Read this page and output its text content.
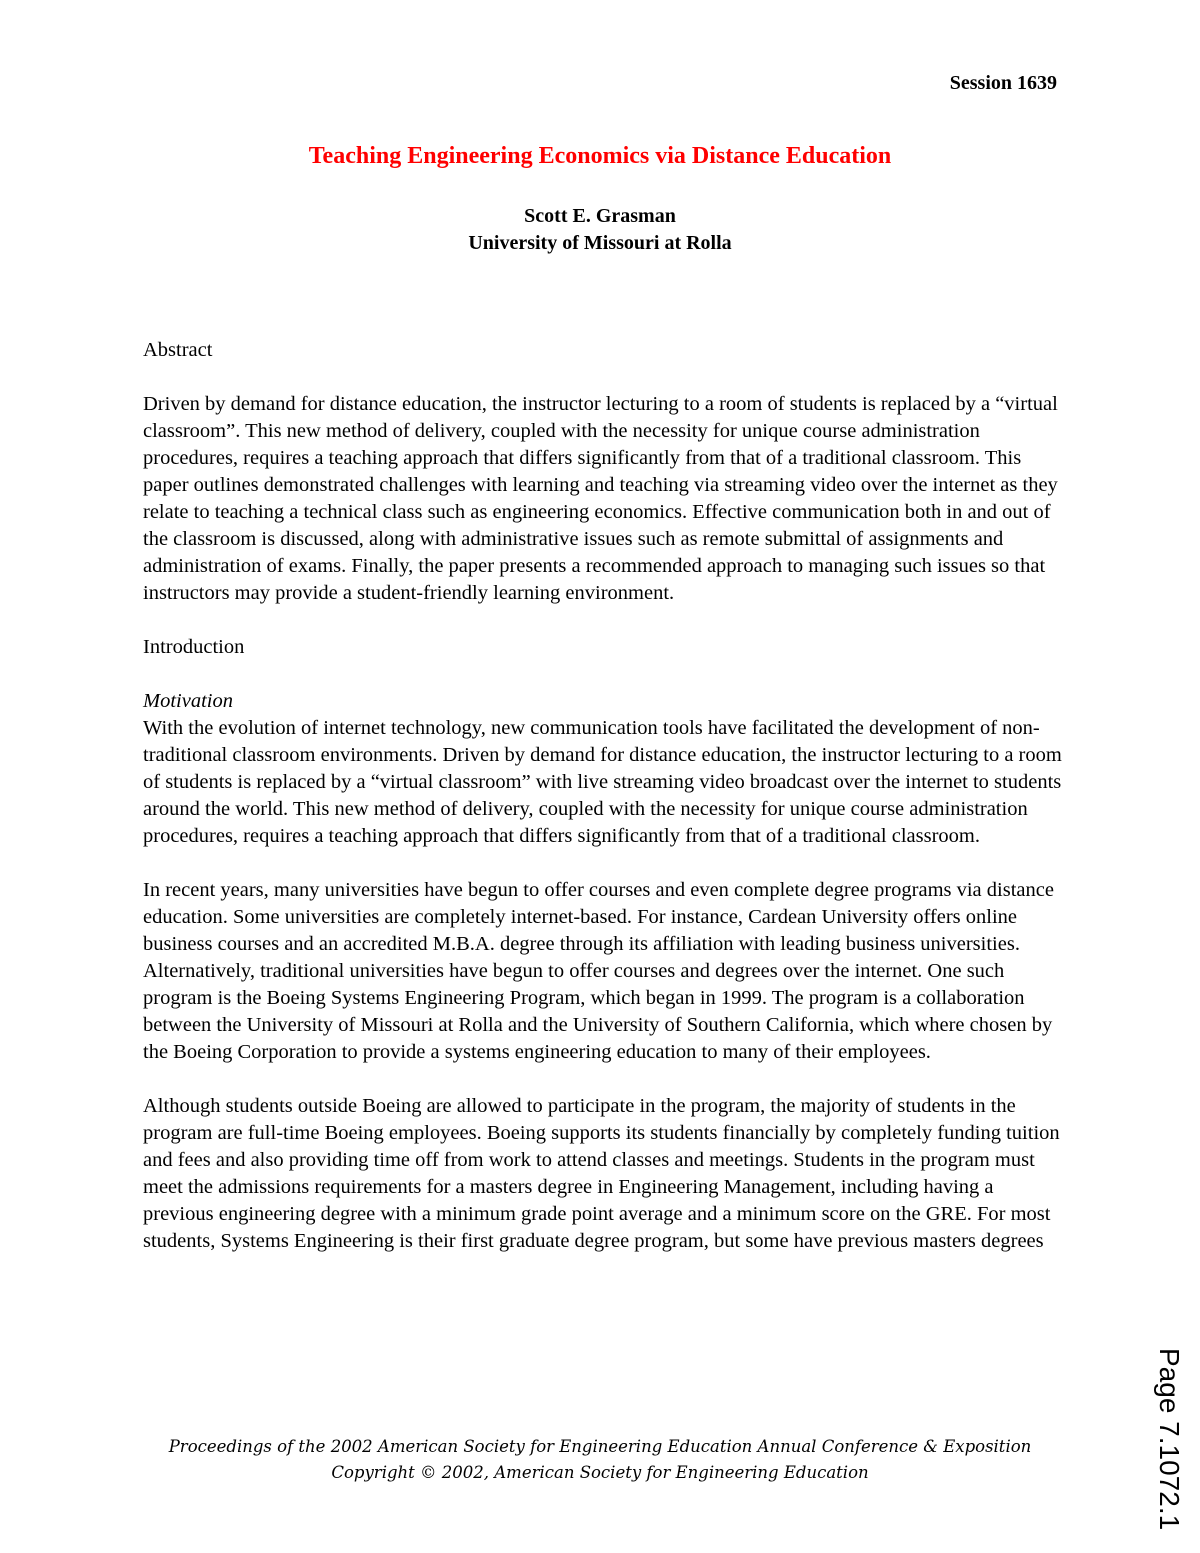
Session 1639
Teaching Engineering Economics via Distance Education
Scott E. Grasman
University of Missouri at Rolla
Abstract

Driven by demand for distance education, the instructor lecturing to a room of students is replaced by a “virtual classroom”. This new method of delivery, coupled with the necessity for unique course administration procedures, requires a teaching approach that differs significantly from that of a traditional classroom. This paper outlines demonstrated challenges with learning and teaching via streaming video over the internet as they relate to teaching a technical class such as engineering economics. Effective communication both in and out of the classroom is discussed, along with administrative issues such as remote submittal of assignments and administration of exams. Finally, the paper presents a recommended approach to managing such issues so that instructors may provide a student-friendly learning environment.

Introduction
Motivation

With the evolution of internet technology, new communication tools have facilitated the development of non-traditional classroom environments. Driven by demand for distance education, the instructor lecturing to a room of students is replaced by a “virtual classroom” with live streaming video broadcast over the internet to students around the world. This new method of delivery, coupled with the necessity for unique course administration procedures, requires a teaching approach that differs significantly from that of a traditional classroom.

In recent years, many universities have begun to offer courses and even complete degree programs via distance education. Some universities are completely internet-based. For instance, Cardean University offers online business courses and an accredited M.B.A. degree through its affiliation with leading business universities. Alternatively, traditional universities have begun to offer courses and degrees over the internet. One such program is the Boeing Systems Engineering Program, which began in 1999. The program is a collaboration between the University of Missouri at Rolla and the University of Southern California, which where chosen by the Boeing Corporation to provide a systems engineering education to many of their employees.

Although students outside Boeing are allowed to participate in the program, the majority of students in the program are full-time Boeing employees. Boeing supports its students financially by completely funding tuition and fees and also providing time off from work to attend classes and meetings. Students in the program must meet the admissions requirements for a masters degree in Engineering Management, including having a previous engineering degree with a minimum grade point average and a minimum score on the GRE. For most students, Systems Engineering is their first graduate degree program, but some have previous masters degrees

Proceedings of the 2002 American Society for Engineering Education Annual Conference & Exposition
Copyright © 2002, American Society for Engineering Education	Page 7.1072.1
